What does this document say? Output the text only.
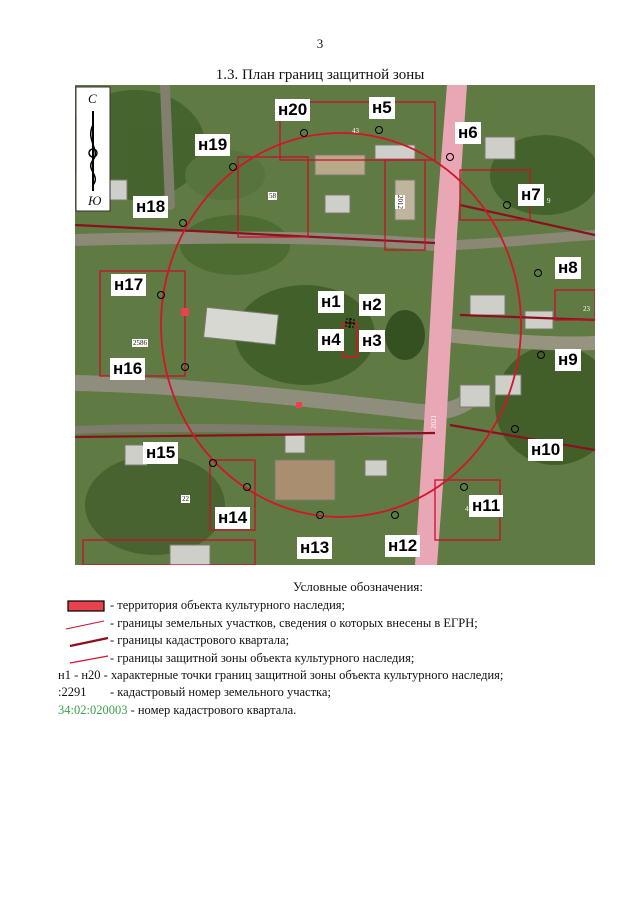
3
1.3. План границ защитной зоны
С
Ю
43
58	2012
2586
22
2021
23
4
9
н1 н2
н3
н4
н5
н6
н7
н8
н9
н10
н11
н12
н13
н14
н15
н16
н17
н18
н19
н20
Условные обозначения:
- территория объекта культурного наследия;
- границы земельных участков, сведения о которых внесены в ЕГРН;
- границы кадастрового квартала;
- границы защитной зоны объекта культурного наследия;
н1 - н20
- характерные точки границ защитной зоны объекта культурного наследия;
:2291	- кадастровый номер земельного участка;
34:02:020003
- номер кадастрового квартала.
